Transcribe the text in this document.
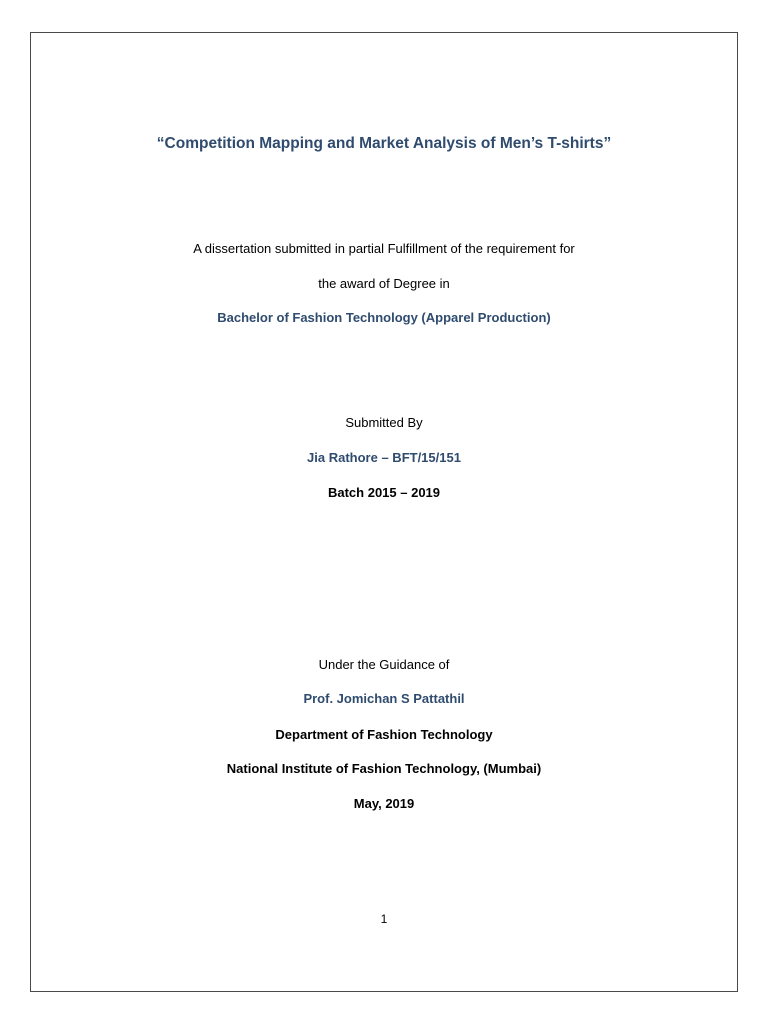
“Competition Mapping and Market Analysis of Men’s T-shirts”
A dissertation submitted in partial Fulfillment of the requirement for
the award of Degree in
Bachelor of Fashion Technology (Apparel Production)
Submitted By
Jia Rathore – BFT/15/151
Batch 2015 – 2019
Under the Guidance of
Prof. Jomichan S Pattathil
Department of Fashion Technology
National Institute of Fashion Technology, (Mumbai)
May, 2019
1
